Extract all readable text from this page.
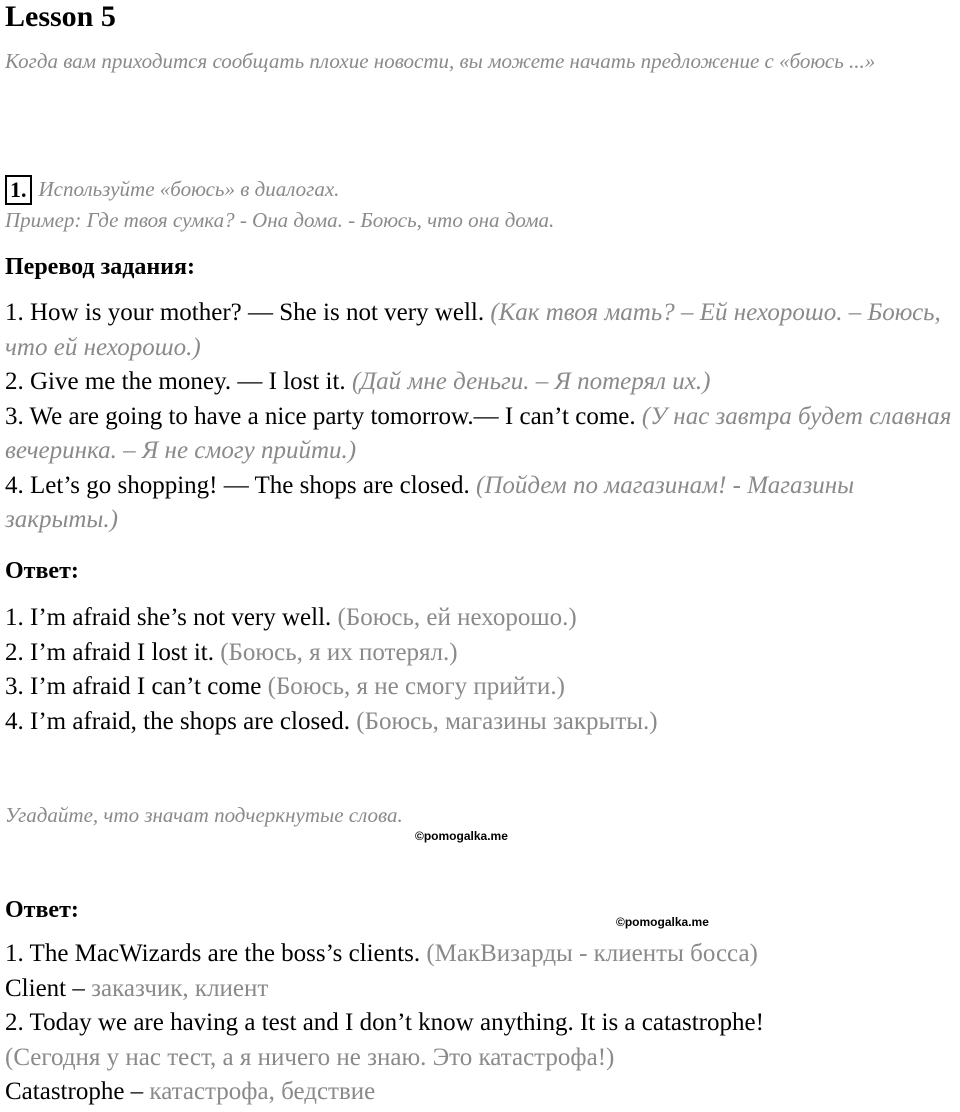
Lesson 5
Когда вам приходится сообщать плохие новости, вы можете начать предложение с «боюсь ...»
1. Используйте «боюсь» в диалогах.
Пример: Где твоя сумка? - Она дома. - Боюсь, что она дома.
Перевод задания:
1. How is your mother? — She is not very well. (Как твоя мать? – Ей нехорошо. – Боюсь, что ей нехорошо.)
2. Give me the money. — I lost it. (Дай мне деньги. – Я потерял их.)
3. We are going to have a nice party tomorrow.— I can’t come. (У нас завтра будет славная вечеринка. – Я не смогу прийти.)
4. Let’s go shopping! — The shops are closed. (Пойдем по магазинам! - Магазины закрыты.)
Ответ:
1. I’m afraid she’s not very well. (Боюсь, ей нехорошо.)
2. I’m afraid I lost it. (Боюсь, я их потерял.)
3. I’m afraid I can’t come (Боюсь, я не смогу прийти.)
4. I’m afraid, the shops are closed. (Боюсь, магазины закрыты.)
Угадайте, что значат подчеркнутые слова.
©pomogalka.me
Ответ:	©pomogalka.me
1. The MacWizards are the boss’s clients. (МакВизарды - клиенты босса)
Client – заказчик, клиент
2. Today we are having a test and I don’t know anything. It is a catastrophe!
(Сегодня у нас тест, а я ничего не знаю. Это катастрофа!)
Catastrophe – катастрофа, бедствие
